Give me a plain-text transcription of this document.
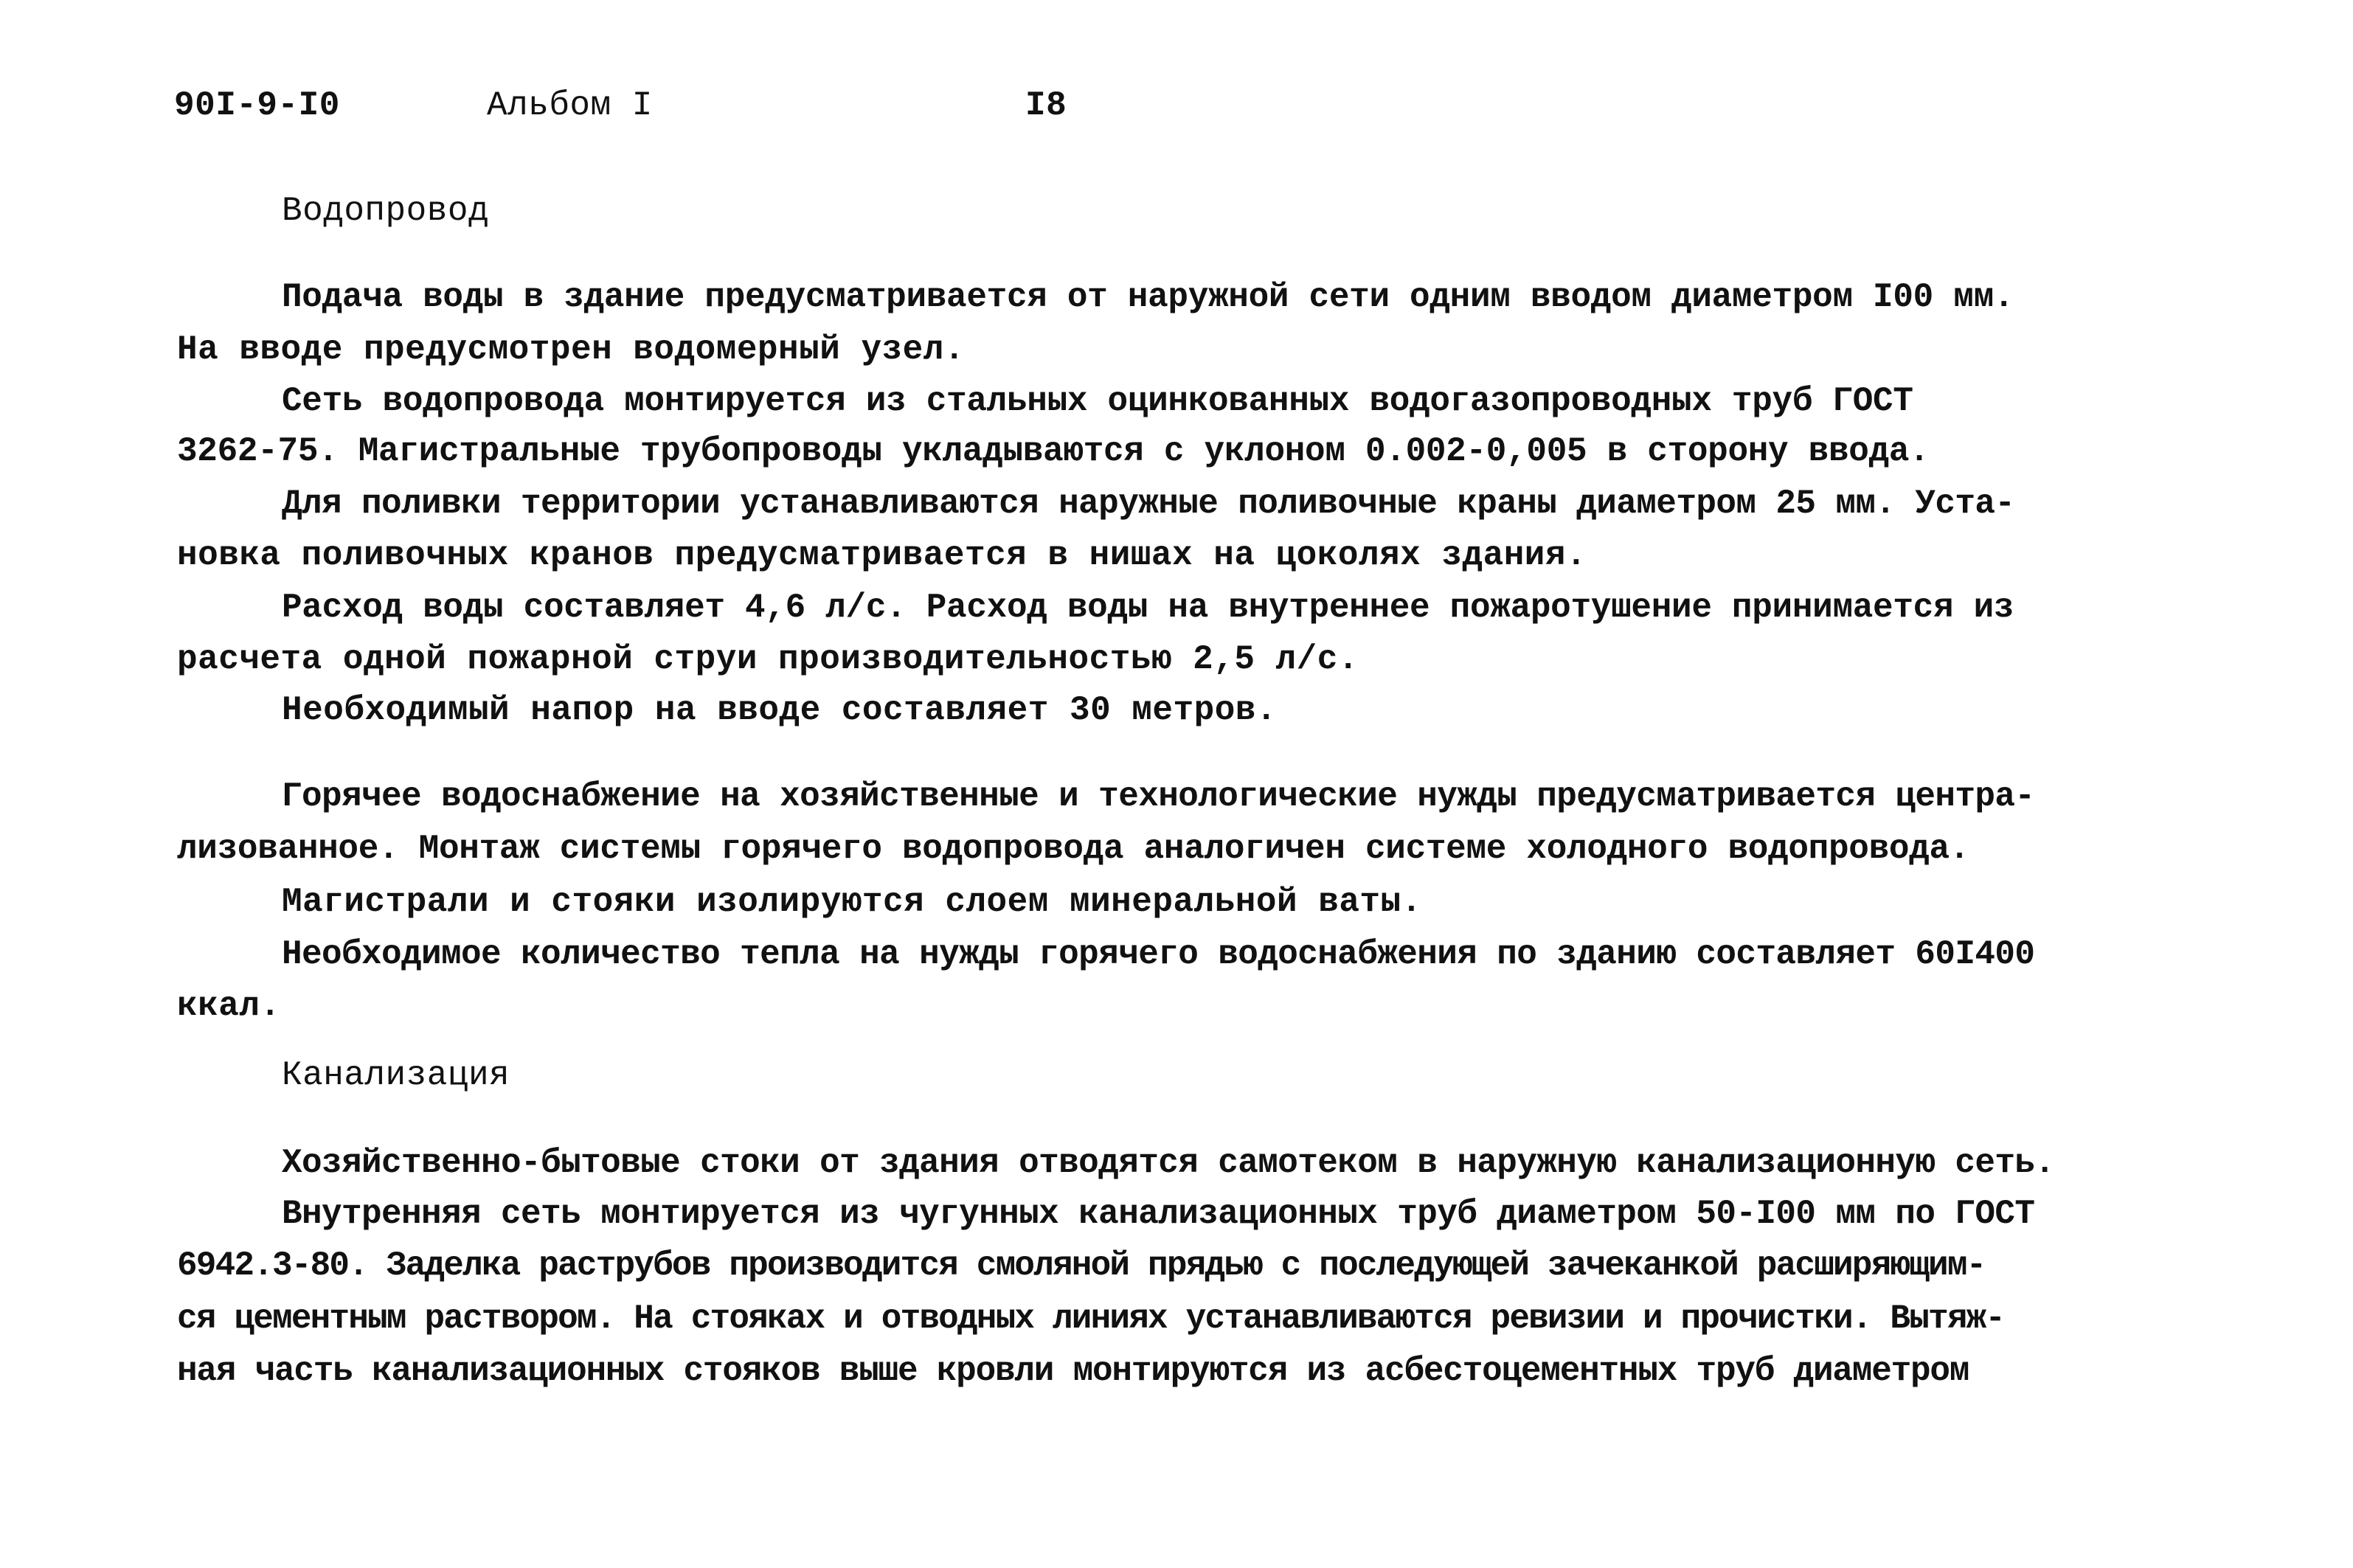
90I-9-I0	Альбом I	I8
Водопровод
Подача воды в здание предусматривается от наружной сети одним вводом диаметром I00 мм.
На вводе предусмотрен водомерный узел.
Сеть водопровода монтируется из стальных оцинкованных водогазопроводных труб ГОСТ
3262-75. Магистральные трубопроводы укладываются с уклоном 0.002-0,005 в сторону ввода.
Для поливки территории устанавливаются наружные поливочные краны диаметром 25 мм. Уста-
новка поливочных кранов предусматривается в нишах на цоколях здания.
Расход воды составляет 4,6 л/с. Расход воды на внутреннее пожаротушение принимается из
расчета одной пожарной струи производительностью 2,5 л/с.
Необходимый напор на вводе составляет 30 метров.
Горячее водоснабжение на хозяйственные и технологические нужды предусматривается центра-
лизованное. Монтаж системы горячего водопровода аналогичен системе холодного водопровода.
Магистрали и стояки изолируются слоем минеральной ваты.
Необходимое количество тепла на нужды горячего водоснабжения по зданию составляет 60I400
ккал.
Канализация
Хозяйственно-бытовые стоки от здания отводятся самотеком в наружную канализационную сеть.
Внутренняя сеть монтируется из чугунных канализационных труб диаметром 50-I00 мм по ГОСТ
6942.3-80. Заделка раструбов производится смоляной прядью с последующей зачеканкой расширяющим-
ся цементным раствором. На стояках и отводных линиях устанавливаются ревизии и прочистки. Вытяж-
ная часть канализационных стояков выше кровли монтируются из асбестоцементных труб диаметром
